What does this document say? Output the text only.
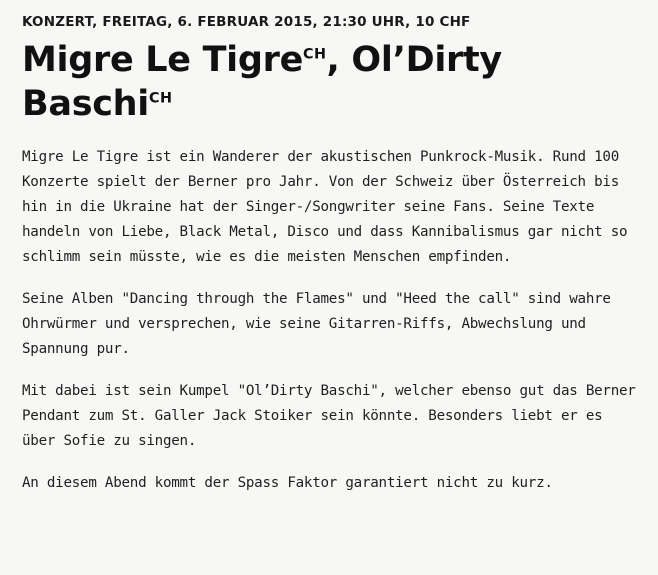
KONZERT, FREITAG, 6. FEBRUAR 2015, 21:30 UHR, 10 CHF
Migre Le Tigre$^{CH}$, Ol’Dirty Baschi$^{CH}$

Migre Le Tigre ist ein Wanderer der akustischen Punkrock-Musik. Rund 100 Konzerte spielt der Berner pro Jahr. Von der Schweiz über Österreich bis hin in die Ukraine hat der Singer-/Songwriter seine Fans. Seine Texte handeln von Liebe, Black Metal, Disco und dass Kannibalismus gar nicht so schlimm sein müsste, wie es die meisten Menschen empfinden.

Seine Alben "Dancing through the Flames" und "Heed the call" sind wahre Ohrwürmer und versprechen, wie seine Gitarren-Riffs, Abwechslung und Spannung pur.

Mit dabei ist sein Kumpel "Ol’Dirty Baschi", welcher ebenso gut das Berner Pendant zum St. Galler Jack Stoiker sein könnte. Besonders liebt er es über Sofie zu singen.

An diesem Abend kommt der Spass Faktor garantiert nicht zu kurz.
